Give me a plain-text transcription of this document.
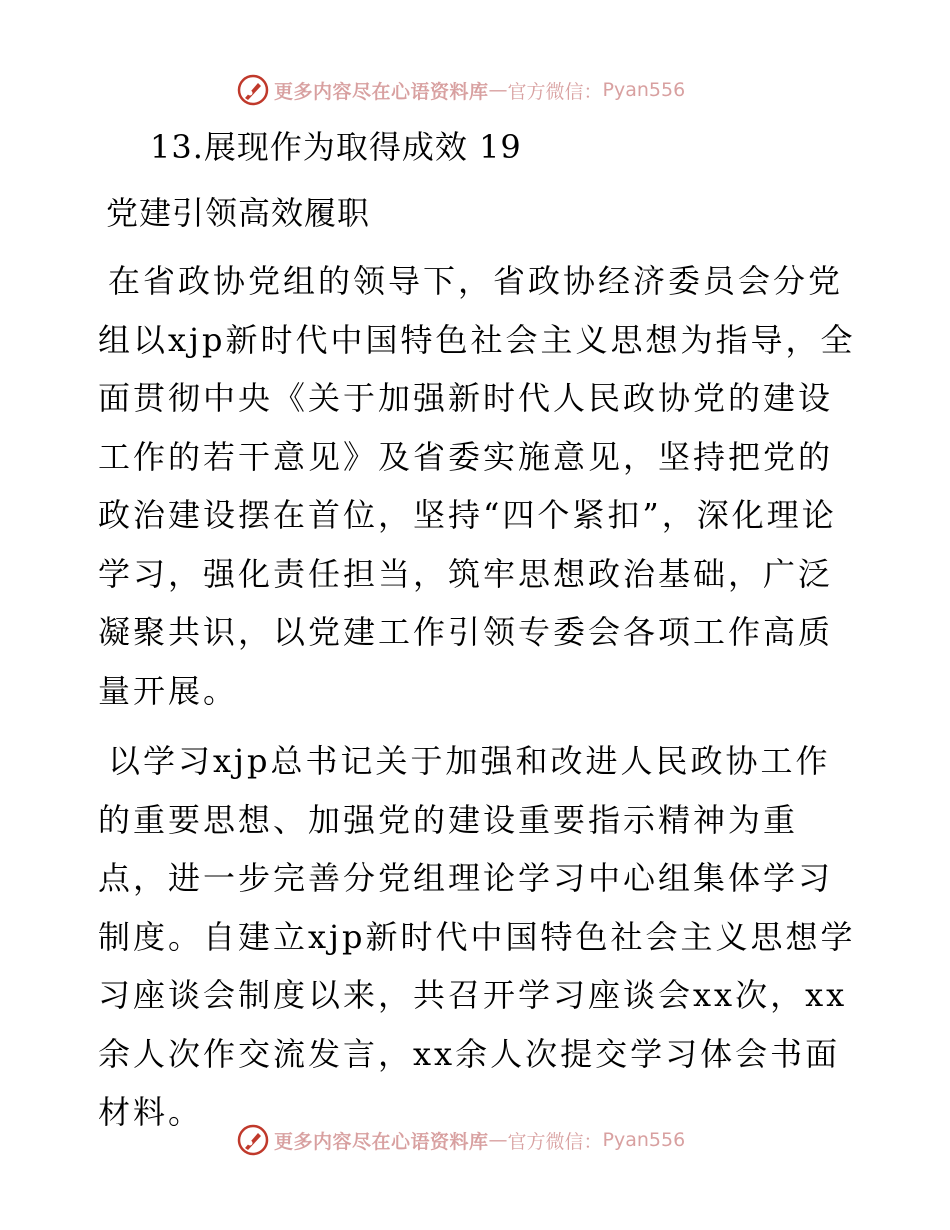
更多内容尽在心语资料库 — 官方微信： Pyan556
13.展现作为取得成效 19
党建引领高效履职

在省政协党组的领导下，省政协经济委员会分党组以xjp新时代中国特色社会主义思想为指导，全面贯彻中央《关于加强新时代人民政协党的建设工作的若干意见》及省委实施意见，坚持把党的政治建设摆在首位，坚持“四个紧扣”，深化理论学习，强化责任担当，筑牢思想政治基础，广泛凝聚共识，以党建工作引领专委会各项工作高质量开展。

以学习xjp总书记关于加强和改进人民政协工作的重要思想、加强党的建设重要指示精神为重点，进一步完善分党组理论学习中心组集体学习制度。自建立xjp新时代中国特色社会主义思想学习座谈会制度以来，共召开学习座谈会xx次，xx余人次作交流发言，xx余人次提交学习体会书面材料。

更多内容尽在心语资料库 — 官方微信： Pyan556
